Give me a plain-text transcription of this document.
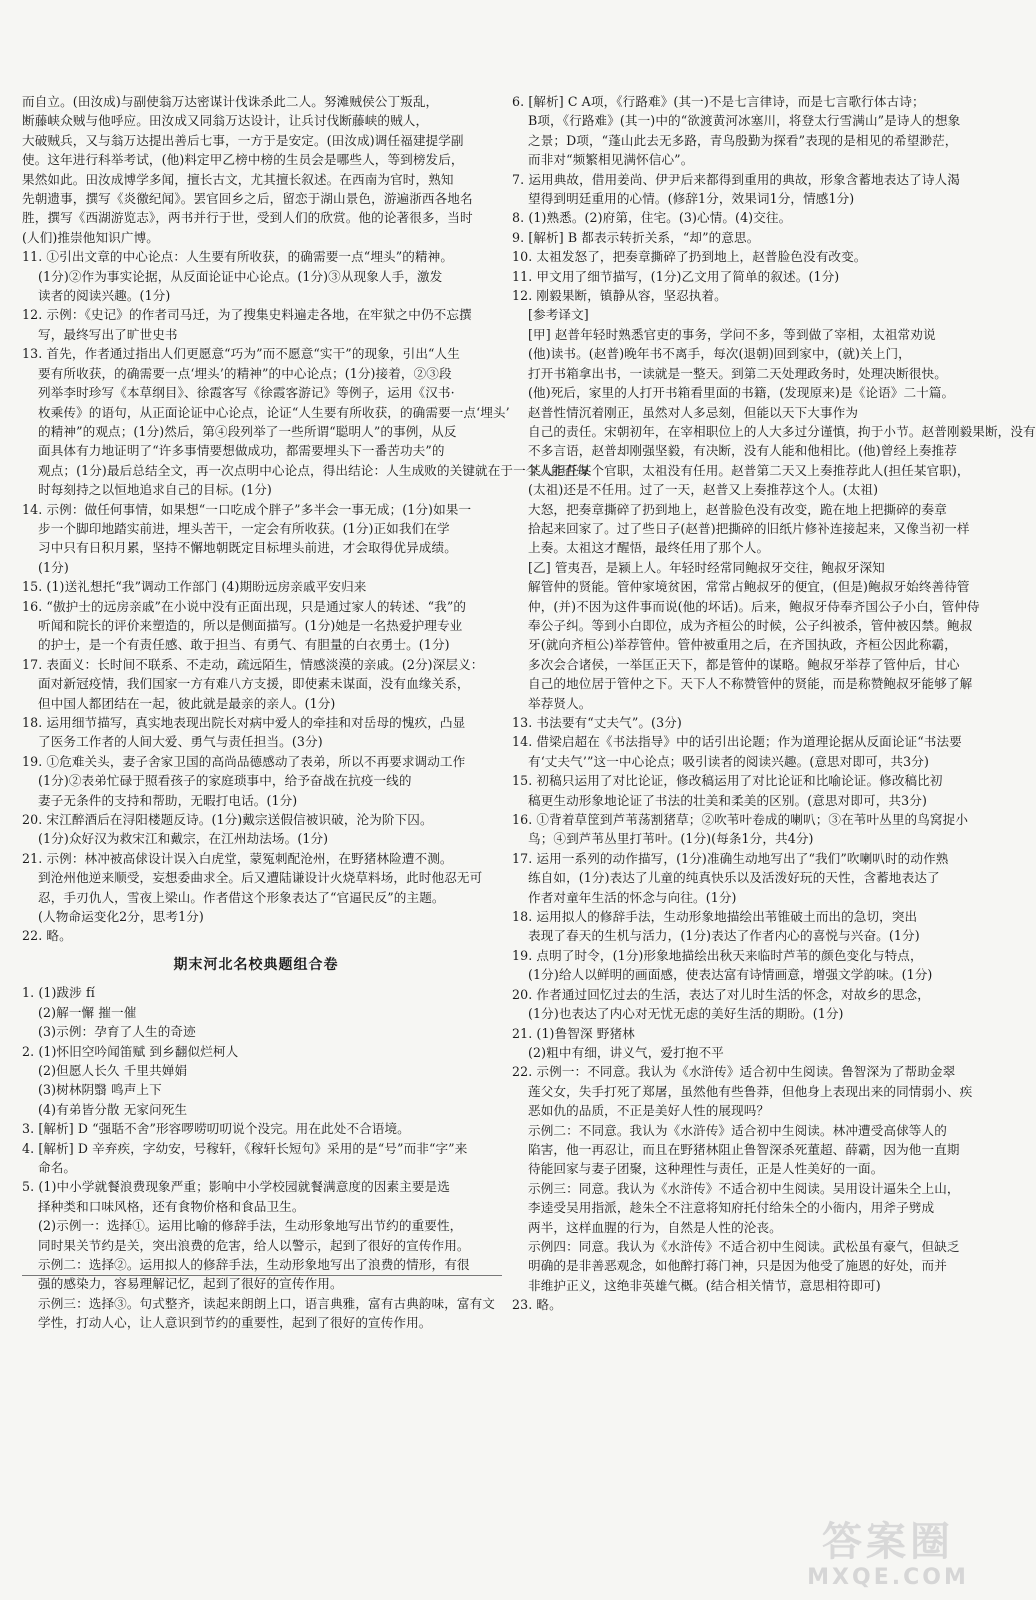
而自立。(田汝成)与副使翁万达密谋计伐诛杀此二人。努滩贼侯公丁叛乱，
断藤峡众贼与他呼应。田汝成又同翁万达设计，让兵讨伐断藤峡的贼人，
大破贼兵，又与翁万达提出善后七事，一方于是安定。(田汝成)调任福建提学副
使。这年进行科举考试，(他)料定甲乙榜中榜的生员会是哪些人，等到榜发后，
果然如此。田汝成博学多闻，擅长古文，尤其擅长叙述。在西南为官时，熟知
先朝遗事，撰写《炎徼纪闻》。罢官回乡之后，留恋于湖山景色，游遍浙西各地名
胜，撰写《西湖游览志》，两书并行于世，受到人们的欣赏。他的论著很多，当时
(人们)推崇他知识广博。
11. ①引出文章的中心论点：人生要有所收获，的确需要一点“埋头”的精神。
(1分)②作为事实论据，从反面论证中心论点。(1分)③从现象人手，激发
读者的阅读兴趣。(1分)
12. 示例：《史记》的作者司马迁，为了搜集史料遍走各地，在牢狱之中仍不忘撰
写，最终写出了旷世史书
13. 首先，作者通过指出人们更愿意“巧为”而不愿意“实干”的现象，引出“人生
要有所收获，的确需要一点‘埋头’的精神”的中心论点；(1分)接着，②③段
列举李时珍写《本草纲目》、徐霞客写《徐霞客游记》等例子，运用《汉书·
枚乘传》的语句，从正面论证中心论点，论证“人生要有所收获，的确需要一点‘埋头’
的精神”的观点；(1分)然后，第④段列举了一些所谓“聪明人”的事例，从反
面具体有力地证明了“许多事情要想做成功，都需要埋头下一番苦功夫”的
观点；(1分)最后总结全文，再一次点明中心论点，得出结论：人生成败的关键就在于一个人能否每
时每刻持之以恒地追求自己的目标。(1分)
14. 示例：做任何事情，如果想“一口吃成个胖子”多半会一事无成；(1分)如果一
步一个脚印地踏实前进，埋头苦干，一定会有所收获。(1分)正如我们在学
习中只有日积月累，坚持不懈地朝既定目标埋头前进，才会取得优异成绩。
(1分)
15. (1)送礼想托“我”调动工作部门 (4)期盼远房亲戚平安归来
16. “傲护士的远房亲戚”在小说中没有正面出现，只是通过家人的转述、“我”的
听闻和院长的评价来塑造的，所以是侧面描写。(1分)她是一名热爱护理专业
的护士，是一个有责任感、敢于担当、有勇气、有胆量的白衣勇士。(1分)
17. 表面义：长时间不联系、不走动，疏远陌生，情感淡漠的亲戚。(2分)深层义：
面对新冠疫情，我们国家一方有难八方支援，即使素未谋面，没有血缘关系，
但中国人都团结在一起，彼此就是最亲的亲人。(1分)
18. 运用细节描写，真实地表现出院长对病中爱人的牵挂和对岳母的愧疚，凸显
了医务工作者的人间大爱、勇气与责任担当。(3分)
19. ①危难关头，妻子舍家卫国的高尚品德感动了表弟，所以不再要求调动工作
(1分)②表弟忙碌于照看孩子的家庭琐事中，给予奋战在抗疫一线的
妻子无条件的支持和帮助，无暇打电话。(1分)
20. 宋江醉酒后在浔阳楼题反诗。(1分)戴宗送假信被识破，沦为阶下囚。
(1分)众好汉为救宋江和戴宗，在江州劫法场。(1分)
21. 示例：林冲被高俅设计误入白虎堂，蒙冤刺配沧州，在野猪林险遭不测。
到沧州他逆来顺受，妄想委曲求全。后又遭陆谦设计火烧草料场，此时他忍无可
忍，手刃仇人，雪夜上梁山。作者借这个形象表达了“官逼民反”的主题。
(人物命运变化2分，思考1分)
22. 略。
期末河北名校典题组合卷
1. (1)跋涉 fí
(2)解一懈 摧一催
(3)示例：孕育了人生的奇迹
2. (1)怀旧空吟闻笛赋 到乡翻似烂柯人
(2)但愿人长久 千里共婵娟
(3)树林阴翳 鸣声上下
(4)有弟皆分散 无家问死生
3. [解析] D “强聒不舍”形容啰唠叨叨说个没完。用在此处不合语境。
4. [解析] D 辛弃疾，字幼安，号稼轩，《稼轩长短句》采用的是“号”而非“字”来
命名。
5. (1)中小学就餐浪费现象严重；影响中小学校园就餐满意度的因素主要是选
择种类和口味风格，还有食物价格和食品卫生。
(2)示例一：选择①。运用比喻的修辞手法，生动形象地写出节约的重要性，
同时果关节约是关，突出浪费的危害，给人以警示，起到了很好的宣传作用。
示例二：选择②。运用拟人的修辞手法，生动形象地写出了浪费的情形，有很
强的感染力，容易理解记忆，起到了很好的宣传作用。
示例三：选择③。句式整齐，读起来朗朗上口，语言典雅，富有古典韵味，富有文
学性，打动人心，让人意识到节约的重要性，起到了很好的宣传作用。
6. [解析] C A项，《行路难》(其一)不是七言律诗，而是七言歌行体古诗；
B项，《行路难》(其一)中的“欲渡黄河冰塞川，将登太行雪满山”是诗人的想象
之景；D项，“蓬山此去无多路，青鸟殷勤为探看”表现的是相见的希望渺茫，
而非对“频繁相见满怀信心”。
7. 运用典故，借用姜尚、伊尹后来都得到重用的典故，形象含蓄地表达了诗人渴
望得到明廷重用的心情。(修辞1分，效果词1分，情感1分)
8. (1)熟悉。(2)府第，住宅。(3)心情。(4)交往。
9. [解析] B 都表示转折关系，“却”的意思。
10. 太祖发怒了，把奏章撕碎了扔到地上，赵普脸色没有改变。
11. 甲文用了细节描写，(1分)乙文用了简单的叙述。(1分)
12. 刚毅果断，镇静从容，坚忍执着。
[参考译文]
[甲] 赵普年轻时熟悉官吏的事务，学问不多，等到做了宰相，太祖常劝说
(他)读书。(赵普)晚年书不离手，每次(退朝)回到家中，(就)关上门，
打开书箱拿出书，一读就是一整天。到第二天处理政务时，处理决断很快。
(他)死后，家里的人打开书箱看里面的书籍，(发现原来)是《论语》二十篇。
赵普性情沉着刚正，虽然对人多忌刻，但能以天下大事作为
自己的责任。宋朝初年，在宰相职位上的人大多过分谨慎，拘于小节。赵普刚毅果断，没有
不多言语，赵普却刚强坚毅，有决断，没有人能和他相比。(他)曾经上奏推荐
某人担任某个官职，太祖没有任用。赵普第二天又上奏推荐此人(担任某官职)，
(太祖)还是不任用。过了一天，赵普又上奏推荐这个人。(太祖)
大怒，把奏章撕碎了扔到地上，赵普脸色没有改变，跪在地上把撕碎的奏章
拾起来回家了。过了些日子(赵普)把撕碎的旧纸片修补连接起来，又像当初一样
上奏。太祖这才醒悟，最终任用了那个人。
[乙] 管夷吾，是颍上人。年轻时经常同鲍叔牙交往，鲍叔牙深知
解管仲的贤能。管仲家境贫困，常常占鲍叔牙的便宜，(但是)鲍叔牙始终善待管
仲，(并)不因为这件事而说(他的坏话)。后来，鲍叔牙侍奉齐国公子小白，管仲侍
奉公子纠。等到小白即位，成为齐桓公的时候，公子纠被杀，管仲被囚禁。鲍叔
牙(就向齐桓公)举荐管仲。管仲被重用之后，在齐国执政，齐桓公因此称霸，
多次会合诸侯，一举匡正天下，都是管仲的谋略。鲍叔牙举荐了管仲后，甘心
自己的地位居于管仲之下。天下人不称赞管仲的贤能，而是称赞鲍叔牙能够了解
举荐贤人。
13. 书法要有“丈夫气”。(3分)
14. 借梁启超在《书法指导》中的话引出论题；作为道理论据从反面论证“书法要
有‘丈夫气’”这一中心论点；吸引读者的阅读兴趣。(意思对即可，共3分)
15. 初稿只运用了对比论证，修改稿运用了对比论证和比喻论证。修改稿比初
稿更生动形象地论证了书法的壮美和柔美的区别。(意思对即可，共3分)
16. ①背着草筐到芦苇荡割猪草；②吹苇叶卷成的喇叭；③在苇叶丛里的鸟窝捉小
鸟；④到芦苇丛里打苇叶。(1分)(每条1分，共4分)
17. 运用一系列的动作描写，(1分)准确生动地写出了“我们”吹喇叭时的动作熟
练自如，(1分)表达了儿童的纯真快乐以及活泼好玩的天性，含蓄地表达了
作者对童年生活的怀念与向往。(1分)
18. 运用拟人的修辞手法，生动形象地描绘出苇锥破土而出的急切，突出
表现了春天的生机与活力，(1分)表达了作者内心的喜悦与兴奋。(1分)
19. 点明了时令，(1分)形象地描绘出秋天来临时芦苇的颜色变化与特点，
(1分)给人以鲜明的画面感，使表达富有诗情画意，增强文学韵味。(1分)
20. 作者通过回忆过去的生活，表达了对儿时生活的怀念，对故乡的思念，
(1分)也表达了内心对无忧无虑的美好生活的期盼。(1分)
21. (1)鲁智深 野猪林
(2)粗中有细，讲义气，爱打抱不平
22. 示例一：不同意。我认为《水浒传》适合初中生阅读。鲁智深为了帮助金翠
莲父女，失手打死了郑屠，虽然他有些鲁莽，但他身上表现出来的同情弱小、疾
恶如仇的品质，不正是美好人性的展现吗？
示例二：不同意。我认为《水浒传》适合初中生阅读。林冲遭受高俅等人的
陷害，他一再忍让，而且在野猪林阻止鲁智深杀死董超、薛霸，因为他一直期
待能回家与妻子团聚，这种理性与责任，正是人性美好的一面。
示例三：同意。我认为《水浒传》不适合初中生阅读。吴用设计逼朱仝上山，
李逵受吴用指派，趁朱仝不注意将知府托付给朱仝的小衙内，用斧子劈成
两半，这样血腥的行为，自然是人性的沦丧。
示例四：同意。我认为《水浒传》不适合初中生阅读。武松虽有豪气，但缺乏
明确的是非善恶观念，如他醉打蒋门神，只是因为他受了施恩的好处，而并
非维护正义，这绝非英雄气概。(结合相关情节，意思相符即可)
23. 略。
答案圈
MXQE.COM
